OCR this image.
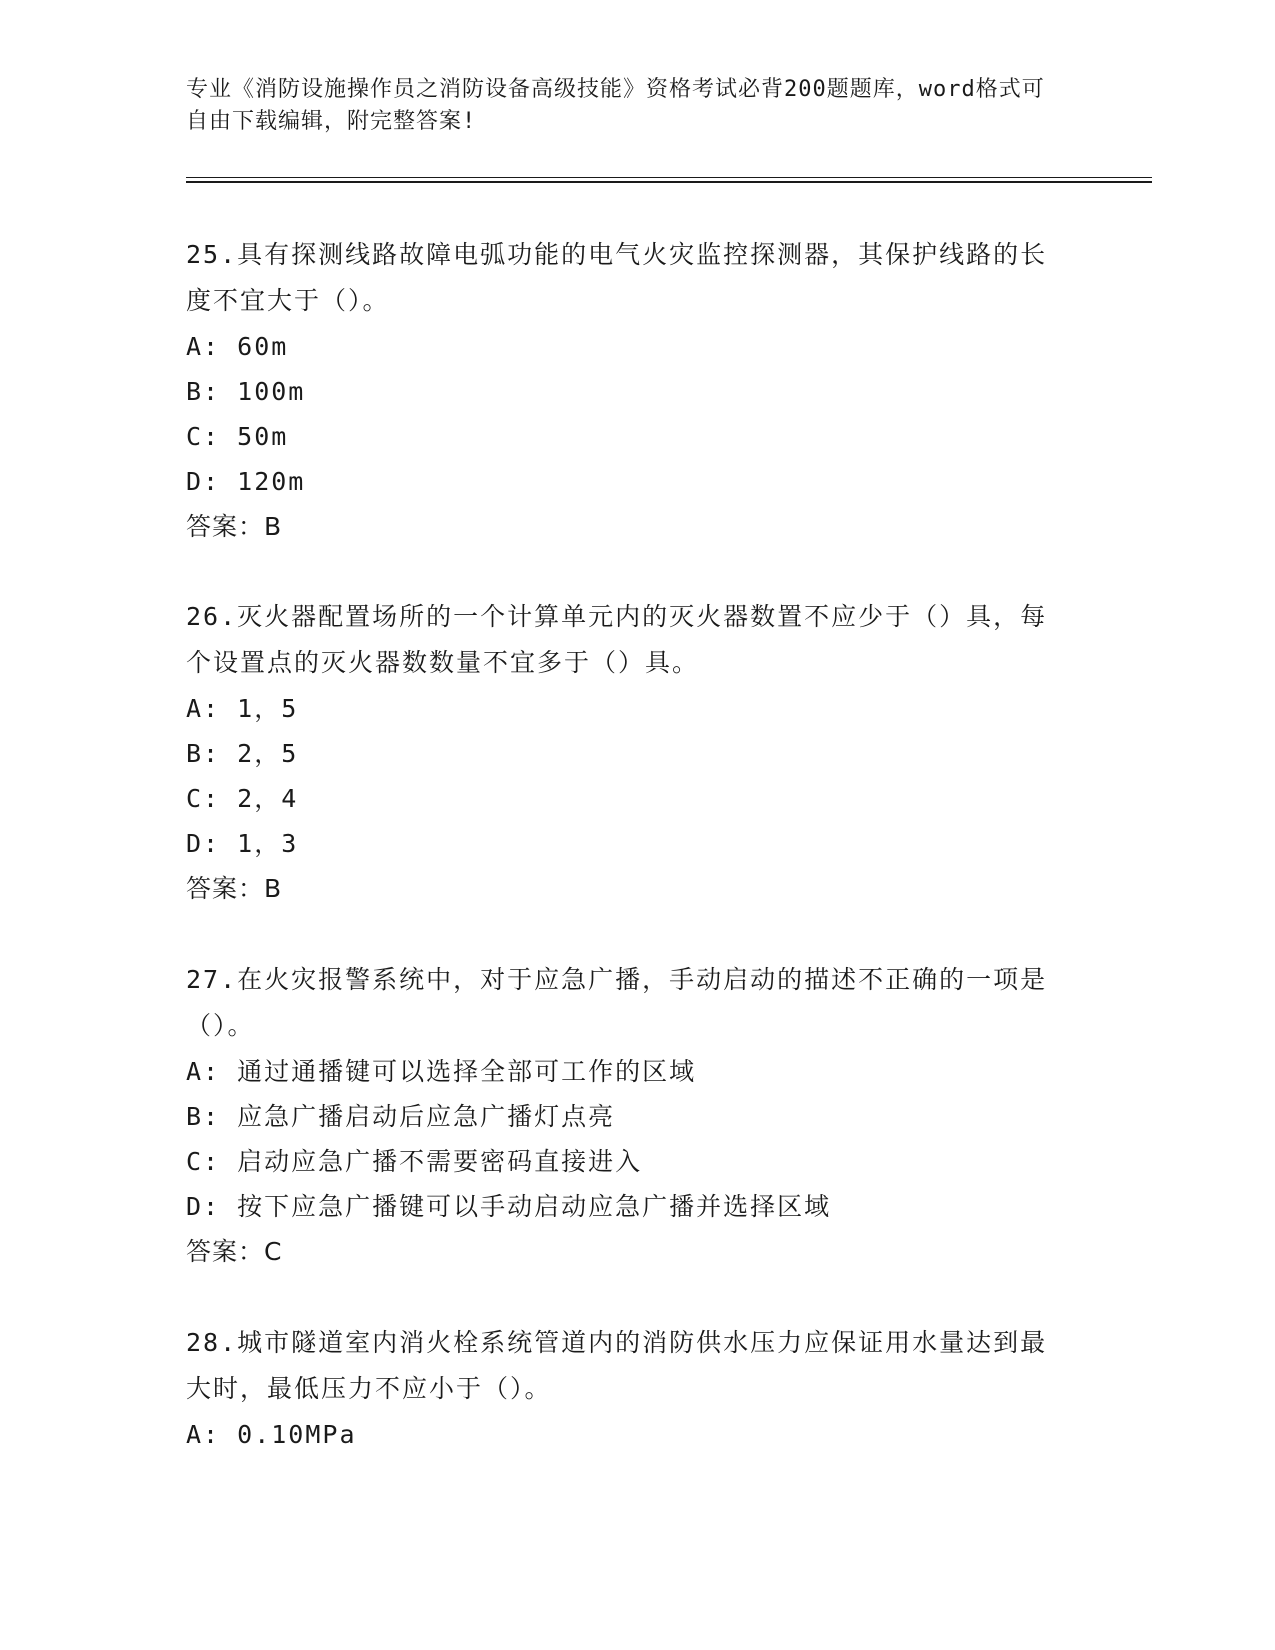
专业《消防设施操作员之消防设备高级技能》资格考试必背200题题库，word格式可自由下载编辑，附完整答案!

25.具有探测线路故障电弧功能的电气火灾监控探测器，其保护线路的长度不宜大于（）。

A: 60m

B: 100m

C: 50m

D: 120m

答案：B

26.灭火器配置场所的一个计算单元内的灭火器数置不应少于（）具，每个设置点的灭火器数数量不宜多于（）具。

A: 1，5

B: 2，5

C: 2，4

D: 1，3

答案：B

27.在火灾报警系统中，对于应急广播，手动启动的描述不正确的一项是（）。

A: 通过通播键可以选择全部可工作的区域

B: 应急广播启动后应急广播灯点亮

C: 启动应急广播不需要密码直接进入

D: 按下应急广播键可以手动启动应急广播并选择区域

答案：C

28.城市隧道室内消火栓系统管道内的消防供水压力应保证用水量达到最大时，最低压力不应小于（）。

A: 0.10MPa
